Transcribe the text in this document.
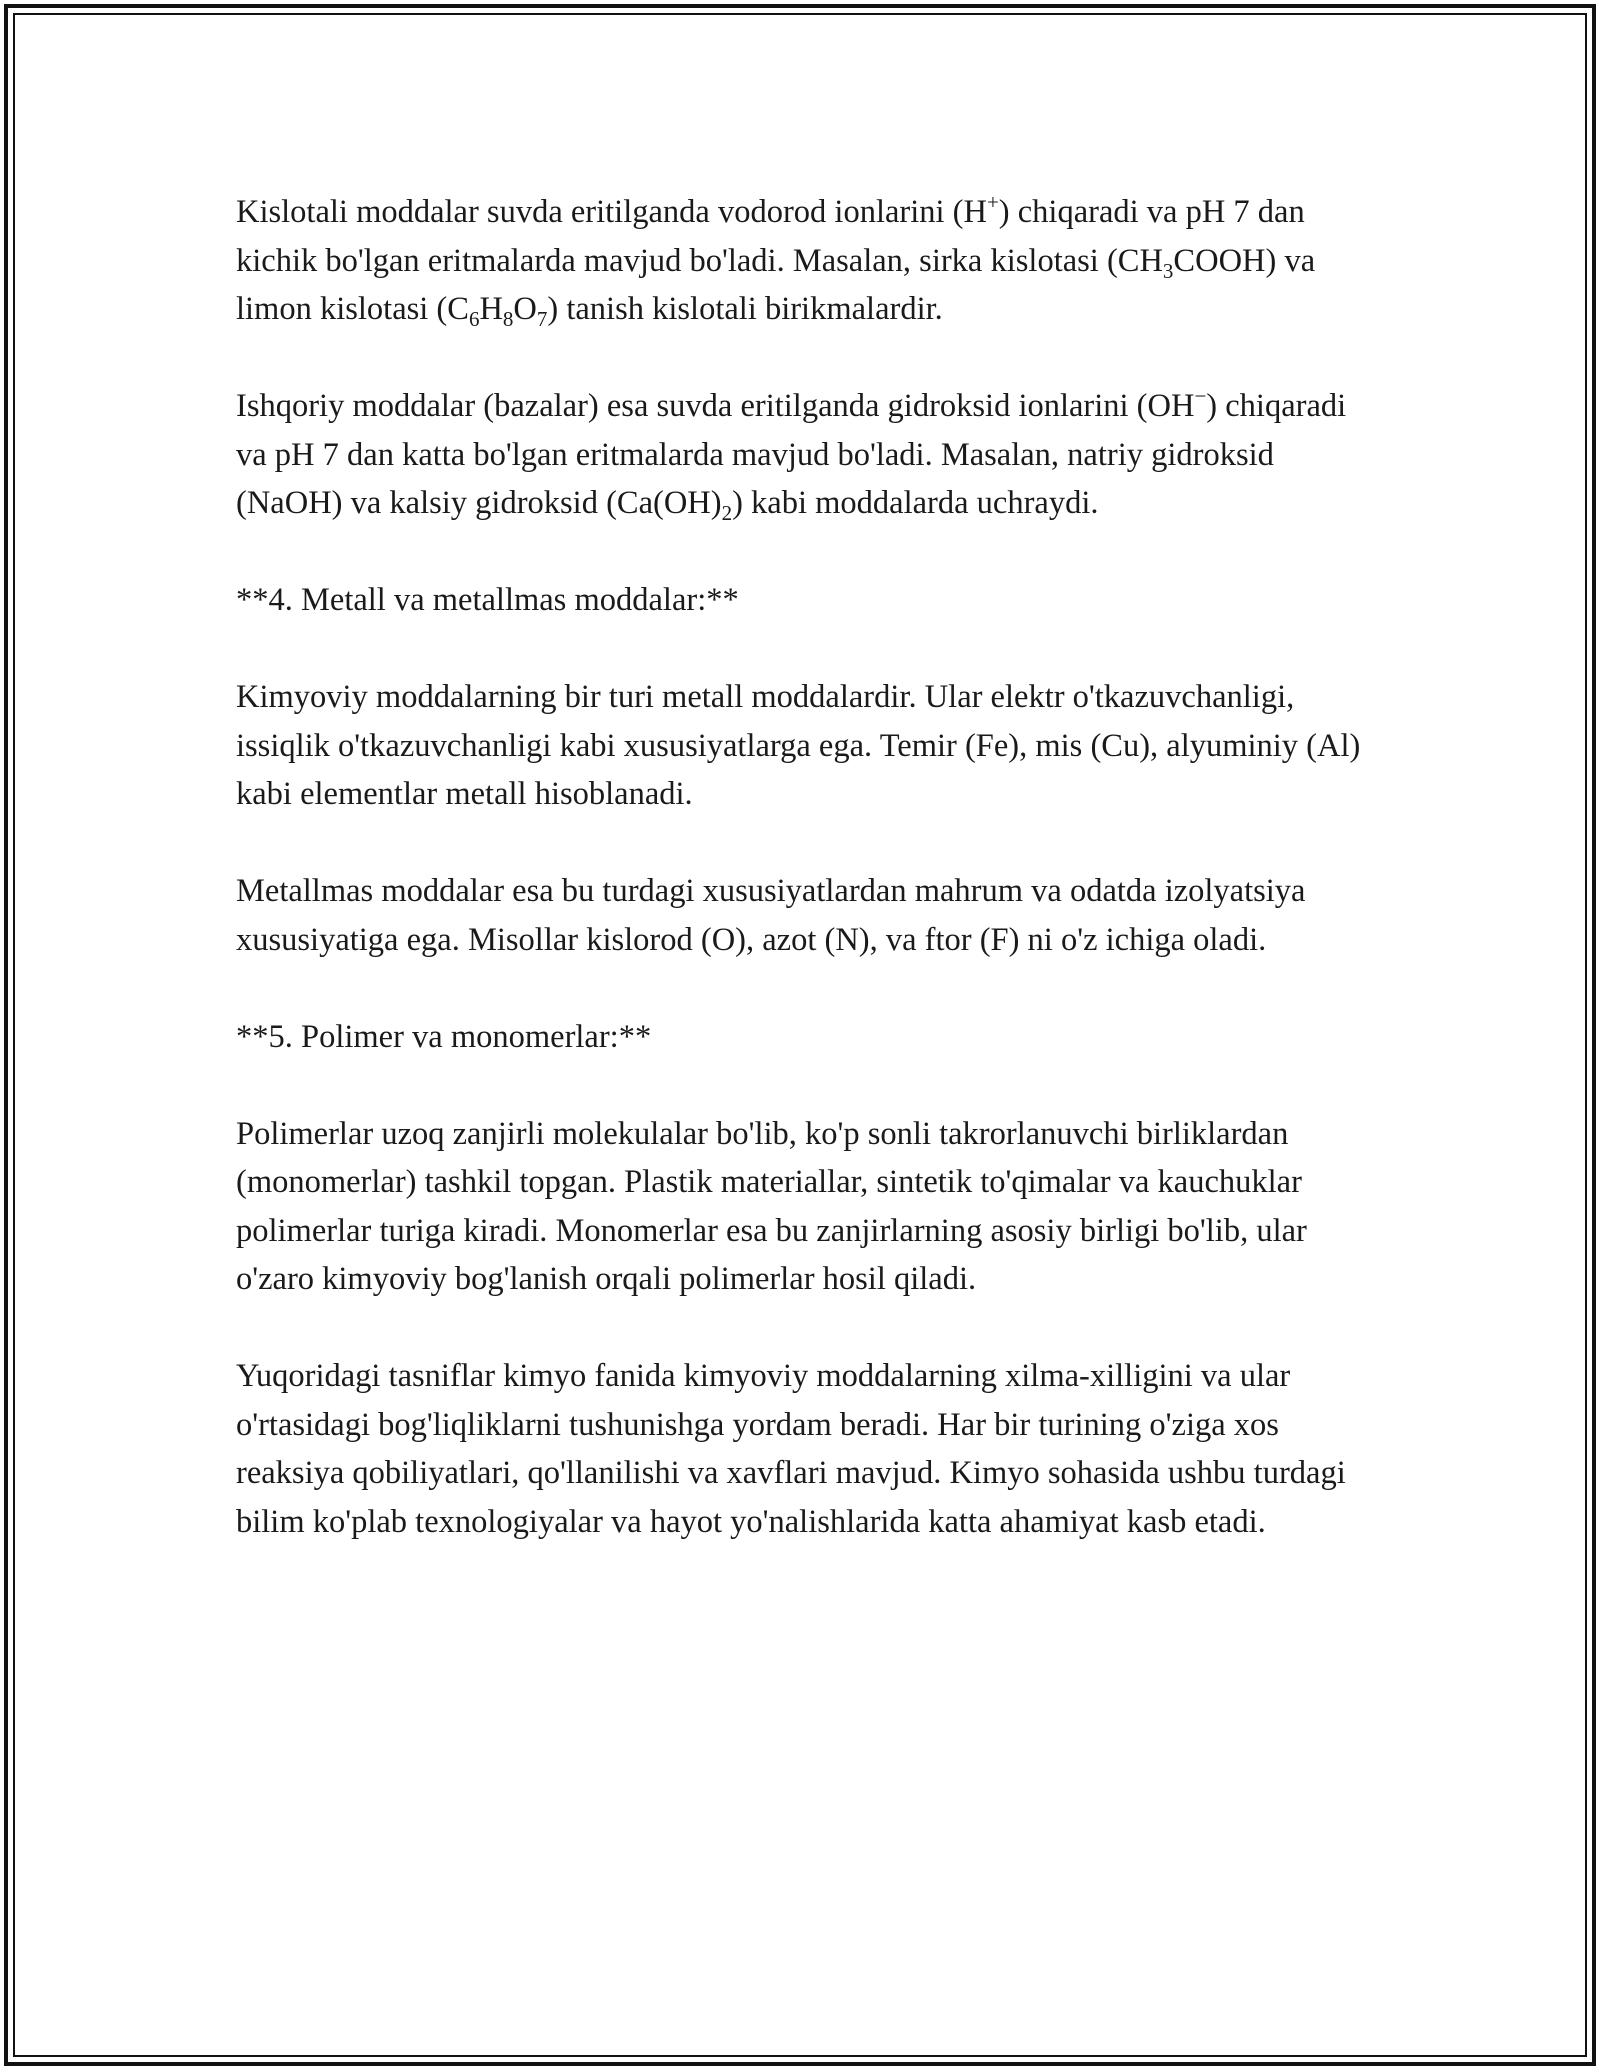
Kislotali moddalar suvda eritilganda vodorod ionlarini (H+) chiqaradi va pH 7 dan kichik bo'lgan eritmalarda mavjud bo'ladi. Masalan, sirka kislotasi $(CH_3COOH)$ va limon kislotasi $(C_6H_8O_7)$ tanish kislotali birikmalardir.

Ishqoriy moddalar (bazalar) esa suvda eritilganda gidroksid ionlarini (OH−) chiqaradi va pH 7 dan katta bo'lgan eritmalarda mavjud bo'ladi. Masalan, natriy gidroksid (NaOH) va kalsiy gidroksid $(Ca(OH)_2)$ kabi moddalarda uchraydi.

**4. Metall va metallmas moddalar:**

Kimyoviy moddalarning bir turi metall moddalardir. Ular elektr o'tkazuvchanligi, issiqlik o'tkazuvchanligi kabi xususiyatlarga ega. Temir (Fe), mis (Cu), alyuminiy (Al) kabi elementlar metall hisoblanadi.

Metallmas moddalar esa bu turdagi xususiyatlardan mahrum va odatda izolyatsiya xususiyatiga ega. Misollar kislorod (O), azot (N), va ftor (F) ni o'z ichiga oladi.

**5. Polimer va monomerlar:**

Polimerlar uzoq zanjirli molekulalar bo'lib, ko'p sonli takrorlanuvchi birliklardan (monomerlar) tashkil topgan. Plastik materiallar, sintetik to'qimalar va kauchuklar polimerlar turiga kiradi. Monomerlar esa bu zanjirlarning asosiy birligi bo'lib, ular o'zaro kimyoviy bog'lanish orqali polimerlar hosil qiladi.

Yuqoridagi tasniflar kimyo fanida kimyoviy moddalarning xilma-xilligini va ular o'rtasidagi bog'liqliklarni tushunishga yordam beradi. Har bir turining o'ziga xos reaksiya qobiliyatlari, qo'llanilishi va xavflari mavjud. Kimyo sohasida ushbu turdagi bilim ko'plab texnologiyalar va hayot yo'nalishlarida katta ahamiyat kasb etadi.
